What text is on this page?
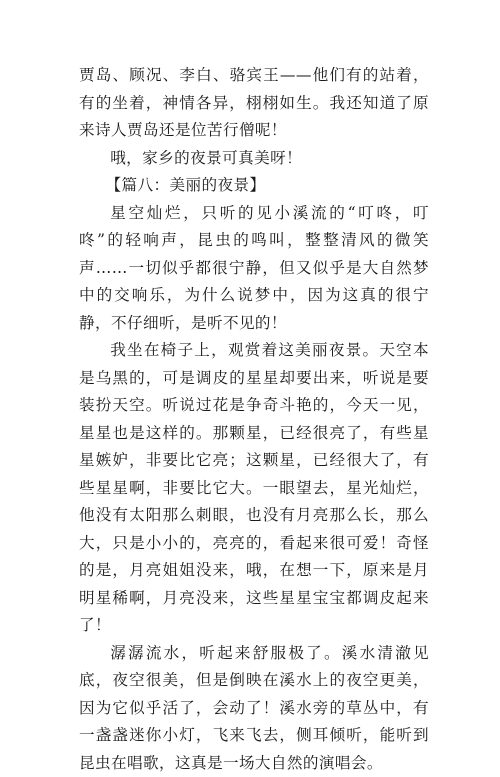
贾岛、顾况、李白、骆宾王——他们有的站着，有的坐着，神情各异，栩栩如生。我还知道了原来诗人贾岛还是位苦行僧呢！

哦，家乡的夜景可真美呀！

【篇八：美丽的夜景】

星空灿烂，只听的见小溪流的“叮咚，叮咚”的轻响声，昆虫的鸣叫，整整清风的微笑声……一切似乎都很宁静，但又似乎是大自然梦中的交响乐，为什么说梦中，因为这真的很宁静，不仔细听，是听不见的！

我坐在椅子上，观赏着这美丽夜景。天空本是乌黑的，可是调皮的星星却要出来，听说是要装扮天空。听说过花是争奇斗艳的，今天一见，星星也是这样的。那颗星，已经很亮了，有些星星嫉妒，非要比它亮；这颗星，已经很大了，有些星星啊，非要比它大。一眼望去，星光灿烂，他没有太阳那么刺眼，也没有月亮那么长，那么大，只是小小的，亮亮的，看起来很可爱！奇怪的是，月亮姐姐没来，哦，在想一下，原来是月明星稀啊，月亮没来，这些星星宝宝都调皮起来了！

潺潺流水，听起来舒服极了。溪水清澈见底，夜空很美，但是倒映在溪水上的夜空更美，因为它似乎活了，会动了！溪水旁的草丛中，有一盏盏迷你小灯，飞来飞去，侧耳倾听，能听到昆虫在唱歌，这真是一场大自然的演唱会。
